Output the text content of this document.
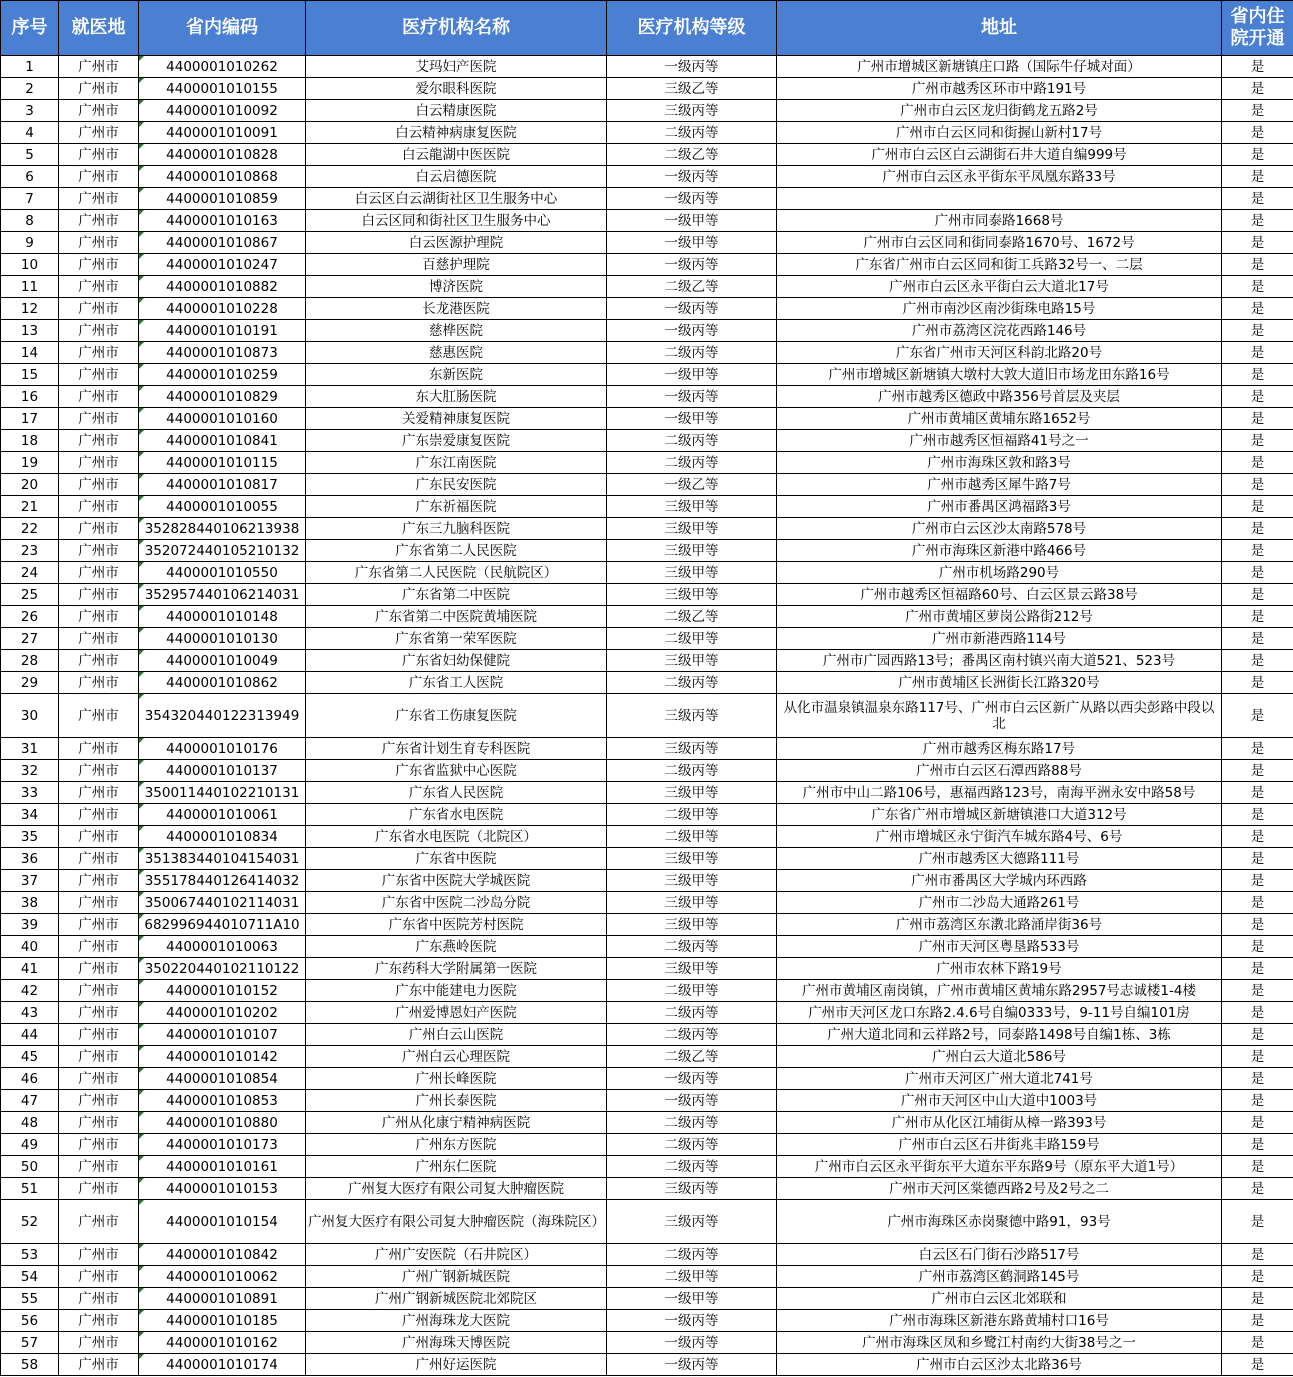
序号	就医地	省内编码	医疗机构名称	医疗机构等级	地址	省内住院开通
1	广州市	4400001010262	艾玛妇产医院	一级丙等	广州市增城区新塘镇庄口路（国际牛仔城对面）	是
2	广州市	4400001010155	爱尔眼科医院	三级乙等	广州市越秀区环市中路191号	是
3	广州市	4400001010092	白云精康医院	三级丙等	广州市白云区龙归街鹤龙五路2号	是
4	广州市	4400001010091	白云精神病康复医院	二级丙等	广州市白云区同和街握山新村17号	是
5	广州市	4400001010828	白云龍湖中医医院	二级乙等	广州市白云区白云湖街石井大道自编999号	是
6	广州市	4400001010868	白云启德医院	一级丙等	广州市白云区永平街东平凤凰东路33号	是
7	广州市	4400001010859	白云区白云湖街社区卫生服务中心	一级丙等		是
8	广州市	4400001010163	白云区同和街社区卫生服务中心	一级甲等	广州市同泰路1668号	是
9	广州市	4400001010867	白云医源护理院	一级甲等	广州市白云区同和街同泰路1670号、1672号	是
10	广州市	4400001010247	百慈护理院	一级丙等	广东省广州市白云区同和街工兵路32号一、二层	是
11	广州市	4400001010882	博济医院	二级乙等	广州市白云区永平街白云大道北17号	是
12	广州市	4400001010228	长龙港医院	一级丙等	广州市南沙区南沙街珠电路15号	是
13	广州市	4400001010191	慈桦医院	一级丙等	广州市荔湾区浣花西路146号	是
14	广州市	4400001010873	慈惠医院	二级丙等	广东省广州市天河区科韵北路20号	是
15	广州市	4400001010259	东新医院	一级甲等	广州市增城区新塘镇大墩村大敦大道旧市场龙田东路16号	是
16	广州市	4400001010829	东大肛肠医院	一级丙等	广州市越秀区德政中路356号首层及夹层	是
17	广州市	4400001010160	关爱精神康复医院	一级甲等	广州市黄埔区黄埔东路1652号	是
18	广州市	4400001010841	广东崇爱康复医院	二级丙等	广州市越秀区恒福路41号之一	是
19	广州市	4400001010115	广东江南医院	二级丙等	广州市海珠区敦和路3号	是
20	广州市	4400001010817	广东民安医院	一级乙等	广州市越秀区犀牛路7号	是
21	广州市	4400001010055	广东祈福医院	三级甲等	广州市番禺区鸿福路3号	是
22	广州市	352828440106213938	广东三九脑科医院	三级甲等	广州市白云区沙太南路578号	是
23	广州市	352072440105210132	广东省第二人民医院	三级甲等	广州市海珠区新港中路466号	是
24	广州市	4400001010550	广东省第二人民医院（民航院区）	三级甲等	广州市机场路290号	是
25	广州市	352957440106214031	广东省第二中医院	三级甲等	广州市越秀区恒福路60号、白云区景云路38号	是
26	广州市	4400001010148	广东省第二中医院黄埔医院	二级乙等	广州市黄埔区萝岗公路街212号	是
27	广州市	4400001010130	广东省第一荣军医院	二级甲等	广州市新港西路114号	是
28	广州市	4400001010049	广东省妇幼保健院	三级甲等	广州市广园西路13号；番禺区南村镇兴南大道521、523号	是
29	广州市	4400001010862	广东省工人医院	二级丙等	广州市黄埔区长洲街长江路320号	是
30	广州市	354320440122313949	广东省工伤康复医院	三级丙等	从化市温泉镇温泉东路117号、广州市白云区新广从路以西尖彭路中段以北	是
31	广州市	4400001010176	广东省计划生育专科医院	三级丙等	广州市越秀区梅东路17号	是
32	广州市	4400001010137	广东省监狱中心医院	二级丙等	广州市白云区石潭西路88号	是
33	广州市	350011440102210131	广东省人民医院	三级甲等	广州市中山二路106号，惠福西路123号，南海平洲永安中路58号	是
34	广州市	4400001010061	广东省水电医院	二级甲等	广东省广州市增城区新塘镇港口大道312号	是
35	广州市	4400001010834	广东省水电医院（北院区）	二级甲等	广州市增城区永宁街汽车城东路4号、6号	是
36	广州市	351383440104154031	广东省中医院	三级甲等	广州市越秀区大德路111号	是
37	广州市	355178440126414032	广东省中医院大学城医院	三级甲等	广州市番禺区大学城内环西路	是
38	广州市	350067440102114031	广东省中医院二沙岛分院	三级甲等	广州市二沙岛大通路261号	是
39	广州市	682996944010711A10	广东省中医院芳村医院	三级甲等	广州市荔湾区东漖北路涌岸街36号	是
40	广州市	4400001010063	广东燕岭医院	二级丙等	广州市天河区粤垦路533号	是
41	广州市	350220440102110122	广东药科大学附属第一医院	三级甲等	广州市农林下路19号	是
42	广州市	4400001010152	广东中能建电力医院	二级甲等	广州市黄埔区南岗镇，广州市黄埔区黄埔东路2957号志诚楼1-4楼	是
43	广州市	4400001010202	广州爱博恩妇产医院	二级丙等	广州市天河区龙口东路2.4.6号自编0333号，9-11号自编101房	是
44	广州市	4400001010107	广州白云山医院	二级丙等	广州大道北同和云祥路2号，同泰路1498号自编1栋、3栋	是
45	广州市	4400001010142	广州白云心理医院	二级乙等	广州白云大道北586号	是
46	广州市	4400001010854	广州长峰医院	一级丙等	广州市天河区广州大道北741号	是
47	广州市	4400001010853	广州长泰医院	一级丙等	广州市天河区中山大道中1003号	是
48	广州市	4400001010880	广州从化康宁精神病医院	二级丙等	广州市从化区江埔街从樟一路393号	是
49	广州市	4400001010173	广州东方医院	二级丙等	广州市白云区石井街兆丰路159号	是
50	广州市	4400001010161	广州东仁医院	二级丙等	广州市白云区永平街东平大道东平东路9号（原东平大道1号）	是
51	广州市	4400001010153	广州复大医疗有限公司复大肿瘤医院	三级丙等	广州市天河区棠德西路2号及2号之二	是
52	广州市	4400001010154	广州复大医疗有限公司复大肿瘤医院（海珠院区）	三级丙等	广州市海珠区赤岗聚德中路91，93号	是
53	广州市	4400001010842	广州广安医院（石井院区）	二级丙等	白云区石门街石沙路517号	是
54	广州市	4400001010062	广州广钢新城医院	二级甲等	广州市荔湾区鹤洞路145号	是
55	广州市	4400001010891	广州广钢新城医院北郊院区	一级甲等	广州市白云区北郊联和	是
56	广州市	4400001010185	广州海珠龙大医院	一级丙等	广州市海珠区新港东路黄埔村口16号	是
57	广州市	4400001010162	广州海珠天博医院	一级丙等	广州市海珠区凤和乡鹭江村南约大街38号之一	是
58	广州市	4400001010174	广州好运医院	一级丙等	广州市白云区沙太北路36号	是
